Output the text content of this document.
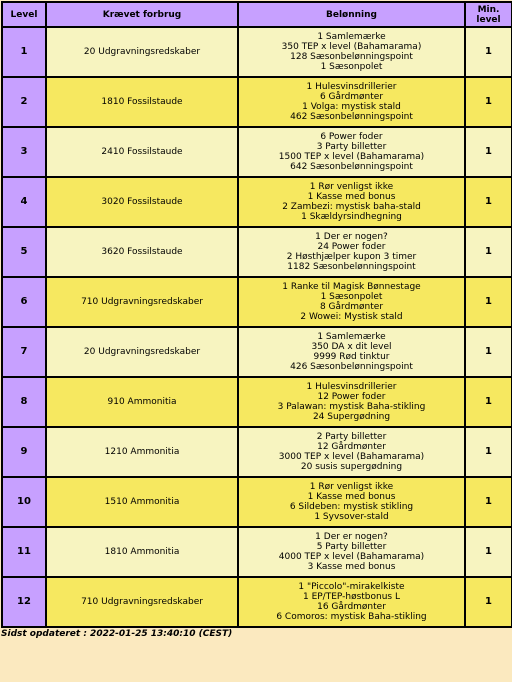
Level	Krævet forbrug	Belønning	Min. level
1	20 Udgravningsredskaber	1 Samlemærke
350 TEP x level (Bahamarama)
128 Sæsonbelønningspoint
1 Sæsonpolet	1
2	1810 Fossilstaude	1 Hulesvinsdrillerier
6 Gårdmønter
1 Volga: mystisk stald
462 Sæsonbelønningspoint	1
3	2410 Fossilstaude	6 Power foder
3 Party billetter
1500 TEP x level (Bahamarama)
642 Sæsonbelønningspoint	1
4	3020 Fossilstaude	1 Rør venligst ikke
1 Kasse med bonus
2 Zambezi: mystisk baha-stald
1 Skældyrsindhegning	1
5	3620 Fossilstaude	1 Der er nogen?
24 Power foder
2 Høsthjælper kupon 3 timer
1182 Sæsonbelønningspoint	1
6	710 Udgravningsredskaber	1 Ranke til Magisk Bønnestage
1 Sæsonpolet
8 Gårdmønter
2 Wowei: Mystisk stald	1
7	20 Udgravningsredskaber	1 Samlemærke
350 DA x dit level
9999 Rød tinktur
426 Sæsonbelønningspoint	1
8	910 Ammonitia	1 Hulesvinsdrillerier
12 Power foder
3 Palawan: mystisk Baha-stikling
24 Supergødning	1
9	1210 Ammonitia	2 Party billetter
12 Gårdmønter
3000 TEP x level (Bahamarama)
20 susis supergødning	1
10	1510 Ammonitia	1 Rør venligst ikke
1 Kasse med bonus
6 Sildeben: mystisk stikling
1 Syvsover-stald	1
11	1810 Ammonitia	1 Der er nogen?
5 Party billetter
4000 TEP x level (Bahamarama)
3 Kasse med bonus	1
12	710 Udgravningsredskaber	1 "Piccolo"-mirakelkiste
1 EP/TEP-høstbonus L
16 Gårdmønter
6 Comoros: mystisk Baha-stikling	1
Sidst opdateret : 2022-01-25 13:40:10 (CEST)
